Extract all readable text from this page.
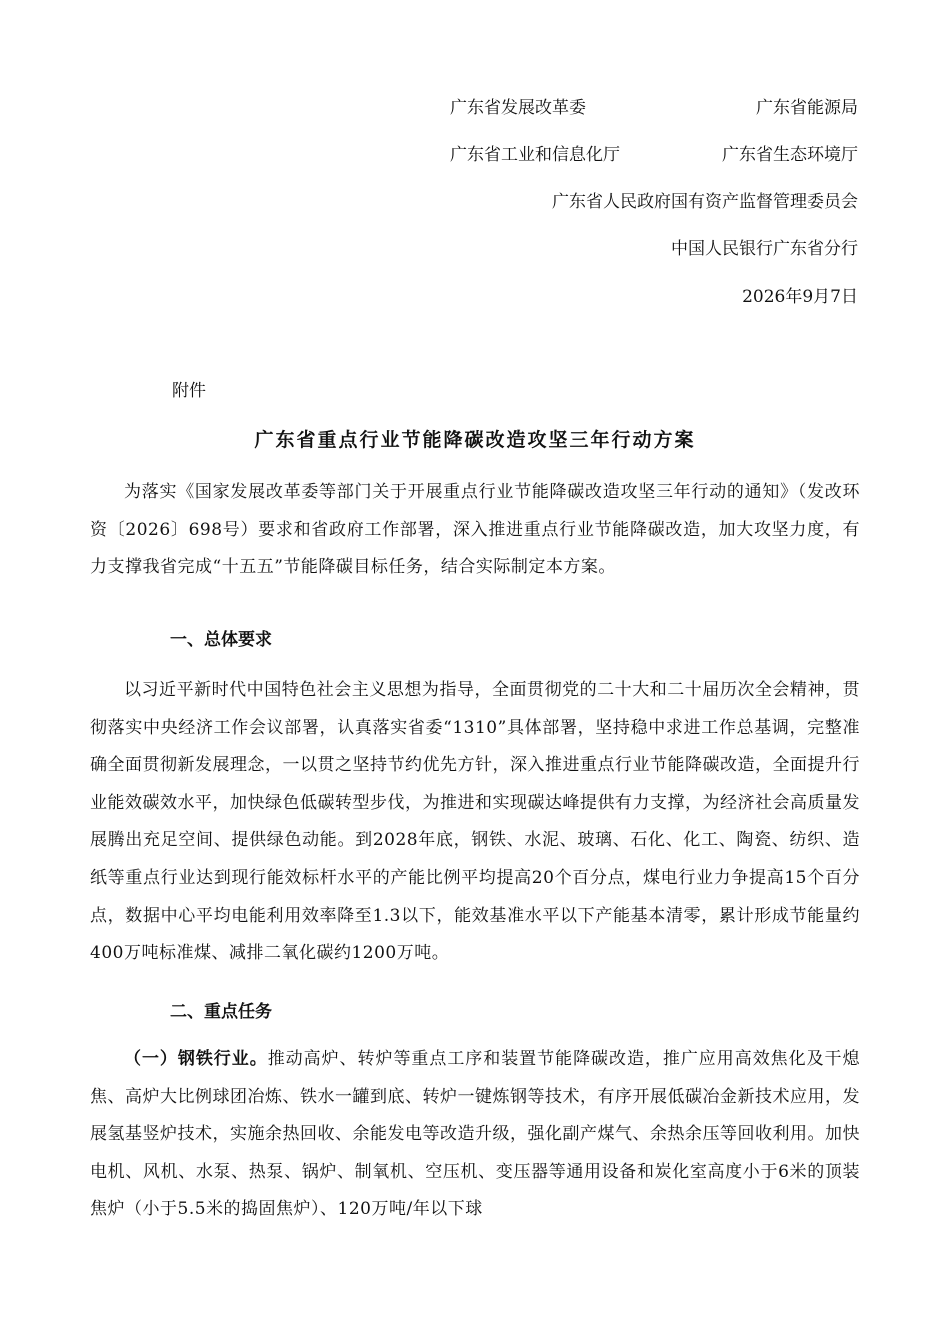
广东省发展改革委	广东省能源局
广东省工业和信息化厅	广东省生态环境厅
广东省人民政府国有资产监督管理委员会
中国人民银行广东省分行
2026年9月7日
附件
广东省重点行业节能降碳改造攻坚三年行动方案
为落实《国家发展改革委等部门关于开展重点行业节能降碳改造攻坚三年行动的通知》（发改环资〔2026〕698号）要求和省政府工作部署，深入推进重点行业节能降碳改造，加大攻坚力度，有力支撑我省完成“十五五”节能降碳目标任务，结合实际制定本方案。
一、总体要求
以习近平新时代中国特色社会主义思想为指导，全面贯彻党的二十大和二十届历次全会精神，贯彻落实中央经济工作会议部署，认真落实省委“1310”具体部署，坚持稳中求进工作总基调，完整准确全面贯彻新发展理念，一以贯之坚持节约优先方针，深入推进重点行业节能降碳改造，全面提升行业能效碳效水平，加快绿色低碳转型步伐，为推进和实现碳达峰提供有力支撑，为经济社会高质量发展腾出充足空间、提供绿色动能。到2028年底，钢铁、水泥、玻璃、石化、化工、陶瓷、纺织、造纸等重点行业达到现行能效标杆水平的产能比例平均提高20个百分点，煤电行业力争提高15个百分点，数据中心平均电能利用效率降至1.3以下，能效基准水平以下产能基本清零，累计形成节能量约400万吨标准煤、减排二氧化碳约1200万吨。
二、重点任务
（一）钢铁行业。推动高炉、转炉等重点工序和装置节能降碳改造，推广应用高效焦化及干熄焦、高炉大比例球团冶炼、铁水一罐到底、转炉一键炼钢等技术，有序开展低碳冶金新技术应用，发展氢基竖炉技术，实施余热回收、余能发电等改造升级，强化副产煤气、余热余压等回收利用。加快电机、风机、水泵、热泵、锅炉、制氧机、空压机、变压器等通用设备和炭化室高度小于6米的顶装焦炉（小于5.5米的捣固焦炉）、120万吨/年以下球
